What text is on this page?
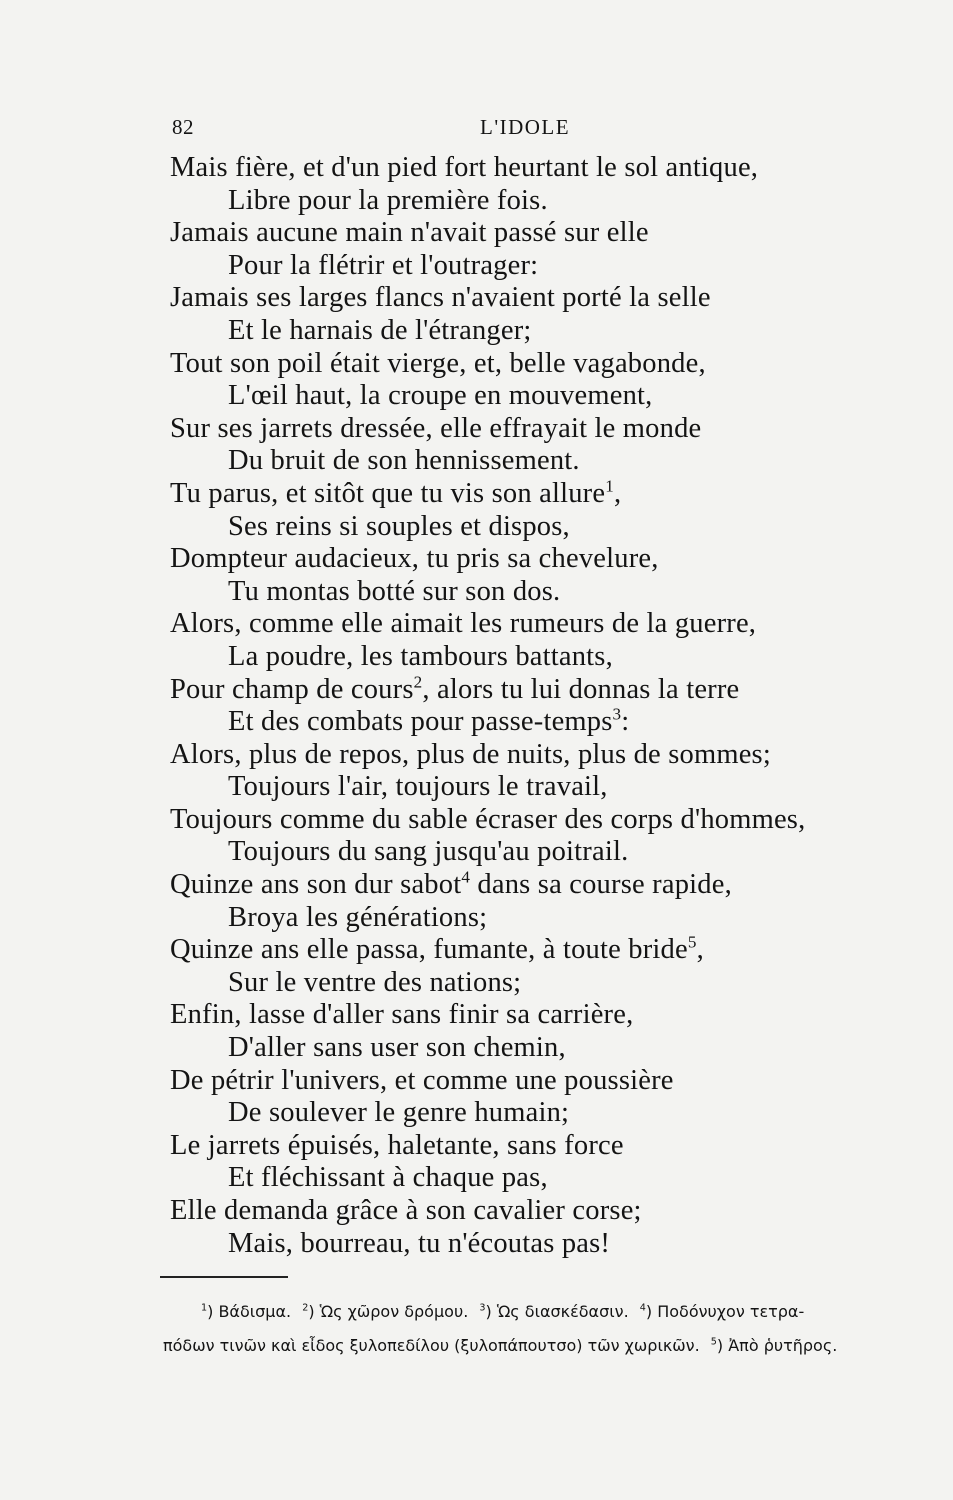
82	L'IDOLE
Mais fière, et d'un pied fort heurtant le sol antique,
Libre pour la première fois.
Jamais aucune main n'avait passé sur elle
Pour la flétrir et l'outrager:
Jamais ses larges flancs n'avaient porté la selle
Et le harnais de l'étranger;
Tout son poil était vierge, et, belle vagabonde,
L'œil haut, la croupe en mouvement,
Sur ses jarrets dressée, elle effrayait le monde
Du bruit de son hennissement.
Tu parus, et sitôt que tu vis son allure$^1$,
Ses reins si souples et dispos,
Dompteur audacieux, tu pris sa chevelure,
Tu montas botté sur son dos.
Alors, comme elle aimait les rumeurs de la guerre,
La poudre, les tambours battants,
Pour champ de cours$^2$, alors tu lui donnas la terre
Et des combats pour passe-temps$^3$:
Alors, plus de repos, plus de nuits, plus de sommes;
Toujours l'air, toujours le travail,
Toujours comme du sable écraser des corps d'hommes,
Toujours du sang jusqu'au poitrail.
Quinze ans son dur sabot$^4$ dans sa course rapide,
Broya les générations;
Quinze ans elle passa, fumante, à toute bride$^5$,
Sur le ventre des nations;
Enfin, lasse d'aller sans finir sa carrière,
D'aller sans user son chemin,
De pétrir l'univers, et comme une poussière
De soulever le genre humain;
Le jarrets épuisés, haletante, sans force
Et fléchissant à chaque pas,
Elle demanda grâce à son cavalier corse;
Mais, bourreau, tu n'écoutas pas!
$^1$) Βάδισμα. $^2$) Ὡς χῶρον δρόμου. $^3$) Ὡς διασκέδασιν. $^4$) Ποδόνυχον τετρα-
πόδων τινῶν καὶ εἶδος ξυλοπεδίλου (ξυλοπάπουτσο) τῶν χωρικῶν. $^5$) Ἀπὸ ῥυτῆρος.
